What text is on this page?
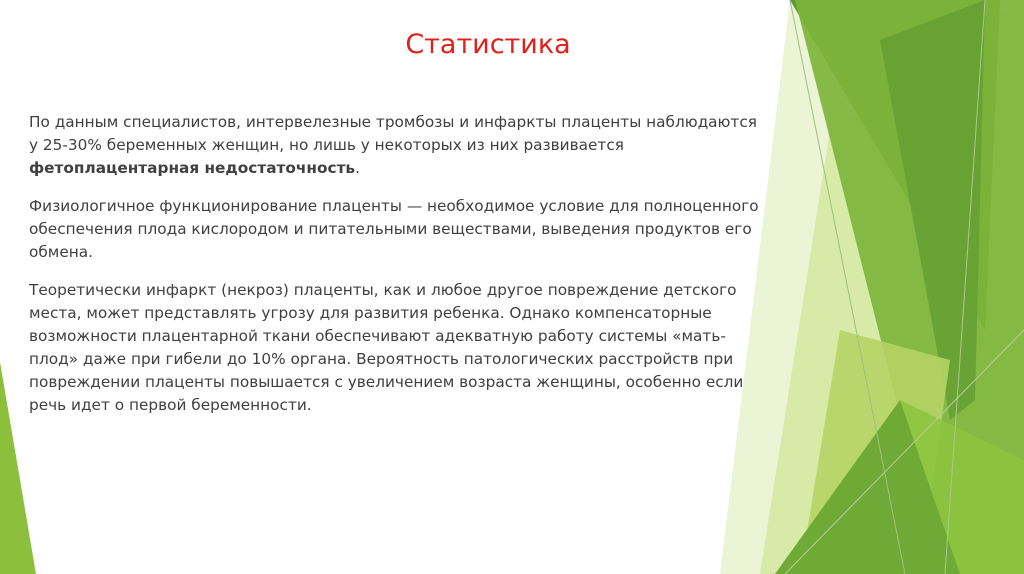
Статистика

По данным специалистов, интервелезные тромбозы и инфаркты плаценты наблюдаются у 25-30% беременных женщин, но лишь у некоторых из них развивается фетоплацентарная недостаточность.

Физиологичное функционирование плаценты — необходимое условие для полноценного обеспечения плода кислородом и питательными веществами, выведения продуктов его обмена.

Теоретически инфаркт (некроз) плаценты, как и любое другое повреждение детского места, может представлять угрозу для развития ребенка. Однако компенсаторные возможности плацентарной ткани обеспечивают адекватную работу системы «мать-плод» даже при гибели до 10% органа. Вероятность патологических расстройств при повреждении плаценты повышается с увеличением возраста женщины, особенно если речь идет о первой беременности.
